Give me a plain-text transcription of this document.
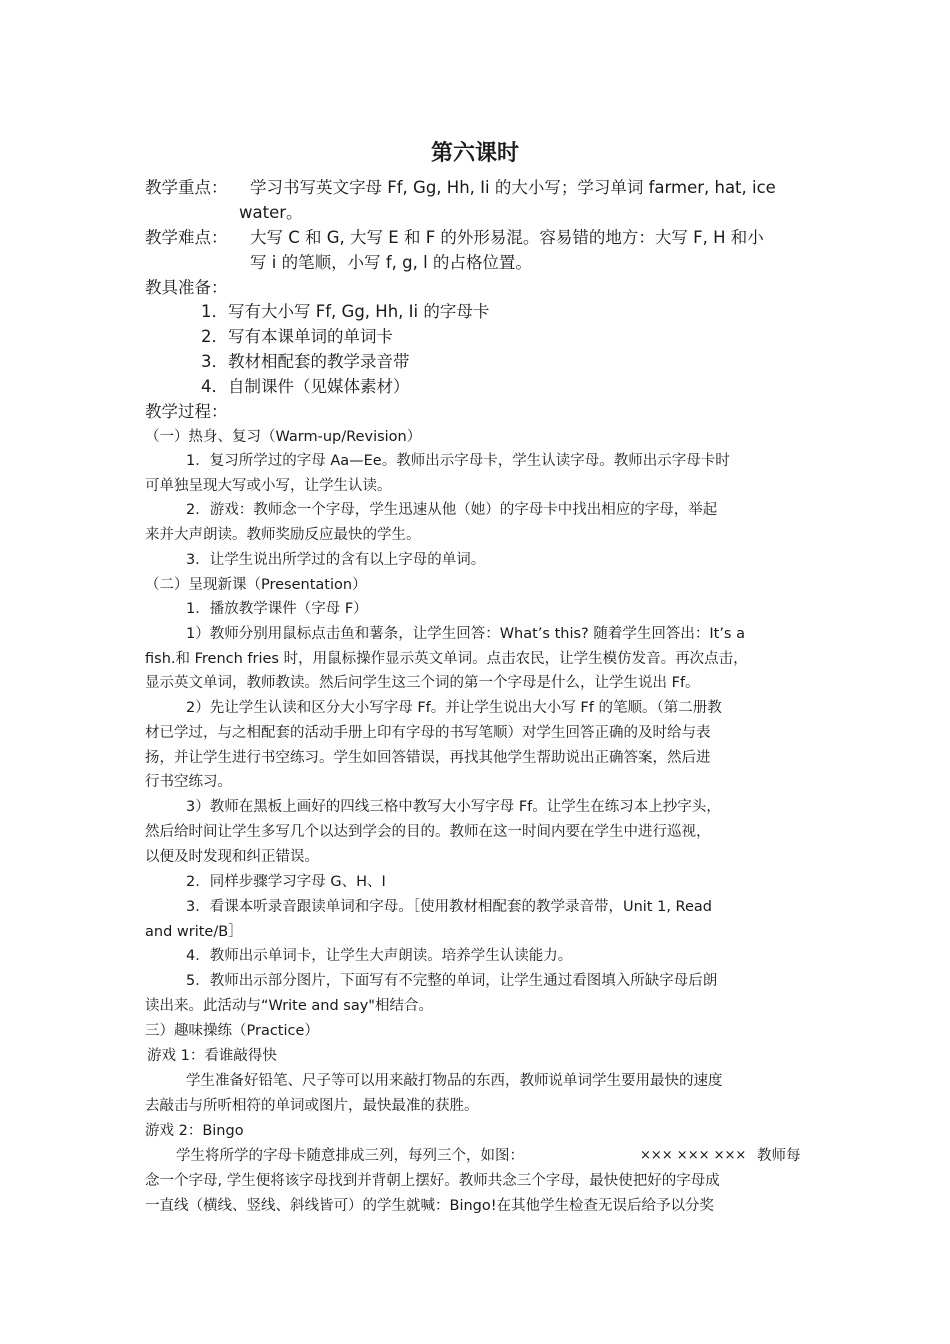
第六课时
教学重点： 学习书写英文字母 Ff, Gg, Hh, Ii 的大小写；学习单词 farmer, hat, ice
water。
教学难点： 大写 C 和 G, 大写 E 和 F 的外形易混。容易错的地方：大写 F, H 和小
写 i 的笔顺，小写 f, g, l 的占格位置。
教具准备：
1．写有大小写 Ff, Gg, Hh, Ii 的字母卡
2．写有本课单词的单词卡
3．教材相配套的教学录音带
4．自制课件（见媒体素材）
教学过程：
（一）热身、复习（Warm-up/Revision）
1．复习所学过的字母 Aa—Ee。教师出示字母卡，学生认读字母。教师出示字母卡时
可单独呈现大写或小写，让学生认读。
2．游戏：教师念一个字母，学生迅速从他（她）的字母卡中找出相应的字母，举起
来并大声朗读。教师奖励反应最快的学生。
3．让学生说出所学过的含有以上字母的单词。
（二）呈现新课（Presentation）
1．播放教学课件（字母 F）
1）教师分别用鼠标点击鱼和薯条，让学生回答：What’s this? 随着学生回答出：It’s a
fish.和 French fries 时，用鼠标操作显示英文单词。点击农民，让学生模仿发音。再次点击，
显示英文单词，教师教读。然后问学生这三个词的第一个字母是什么，让学生说出 Ff。
2）先让学生认读和区分大小写字母 Ff。并让学生说出大小写 Ff 的笔顺。（第二册教
材已学过，与之相配套的活动手册上印有字母的书写笔顺）对学生回答正确的及时给与表
扬，并让学生进行书空练习。学生如回答错误，再找其他学生帮助说出正确答案，然后进
行书空练习。
3）教师在黑板上画好的四线三格中教写大小写字母 Ff。让学生在练习本上抄字头，
然后给时间让学生多写几个以达到学会的目的。教师在这一时间内要在学生中进行巡视，
以便及时发现和纠正错误。
2．同样步骤学习字母 G、H、I
3．看课本听录音跟读单词和字母。［使用教材相配套的教学录音带，Unit 1, Read
and write/B］
4．教师出示单词卡，让学生大声朗读。培养学生认读能力。
5．教师出示部分图片，下面写有不完整的单词，让学生通过看图填入所缺字母后朗
读出来。此活动与“Write and say"相结合。
三）趣味操练（Practice）
游戏 1：看谁敲得快
学生准备好铅笔、尺子等可以用来敲打物品的东西，教师说单词学生要用最快的速度
去敲击与所听相符的单词或图片，最快最准的获胜。
游戏 2：Bingo
学生将所学的字母卡随意排成三列，每列三个，如图：	××× ××× ××× 教师每
念一个字母, 学生便将该字母找到并背朝上摆好。教师共念三个字母，最快使把好的字母成
一直线（横线、竖线、斜线皆可）的学生就喊：Bingo!在其他学生检查无误后给予以分奖
